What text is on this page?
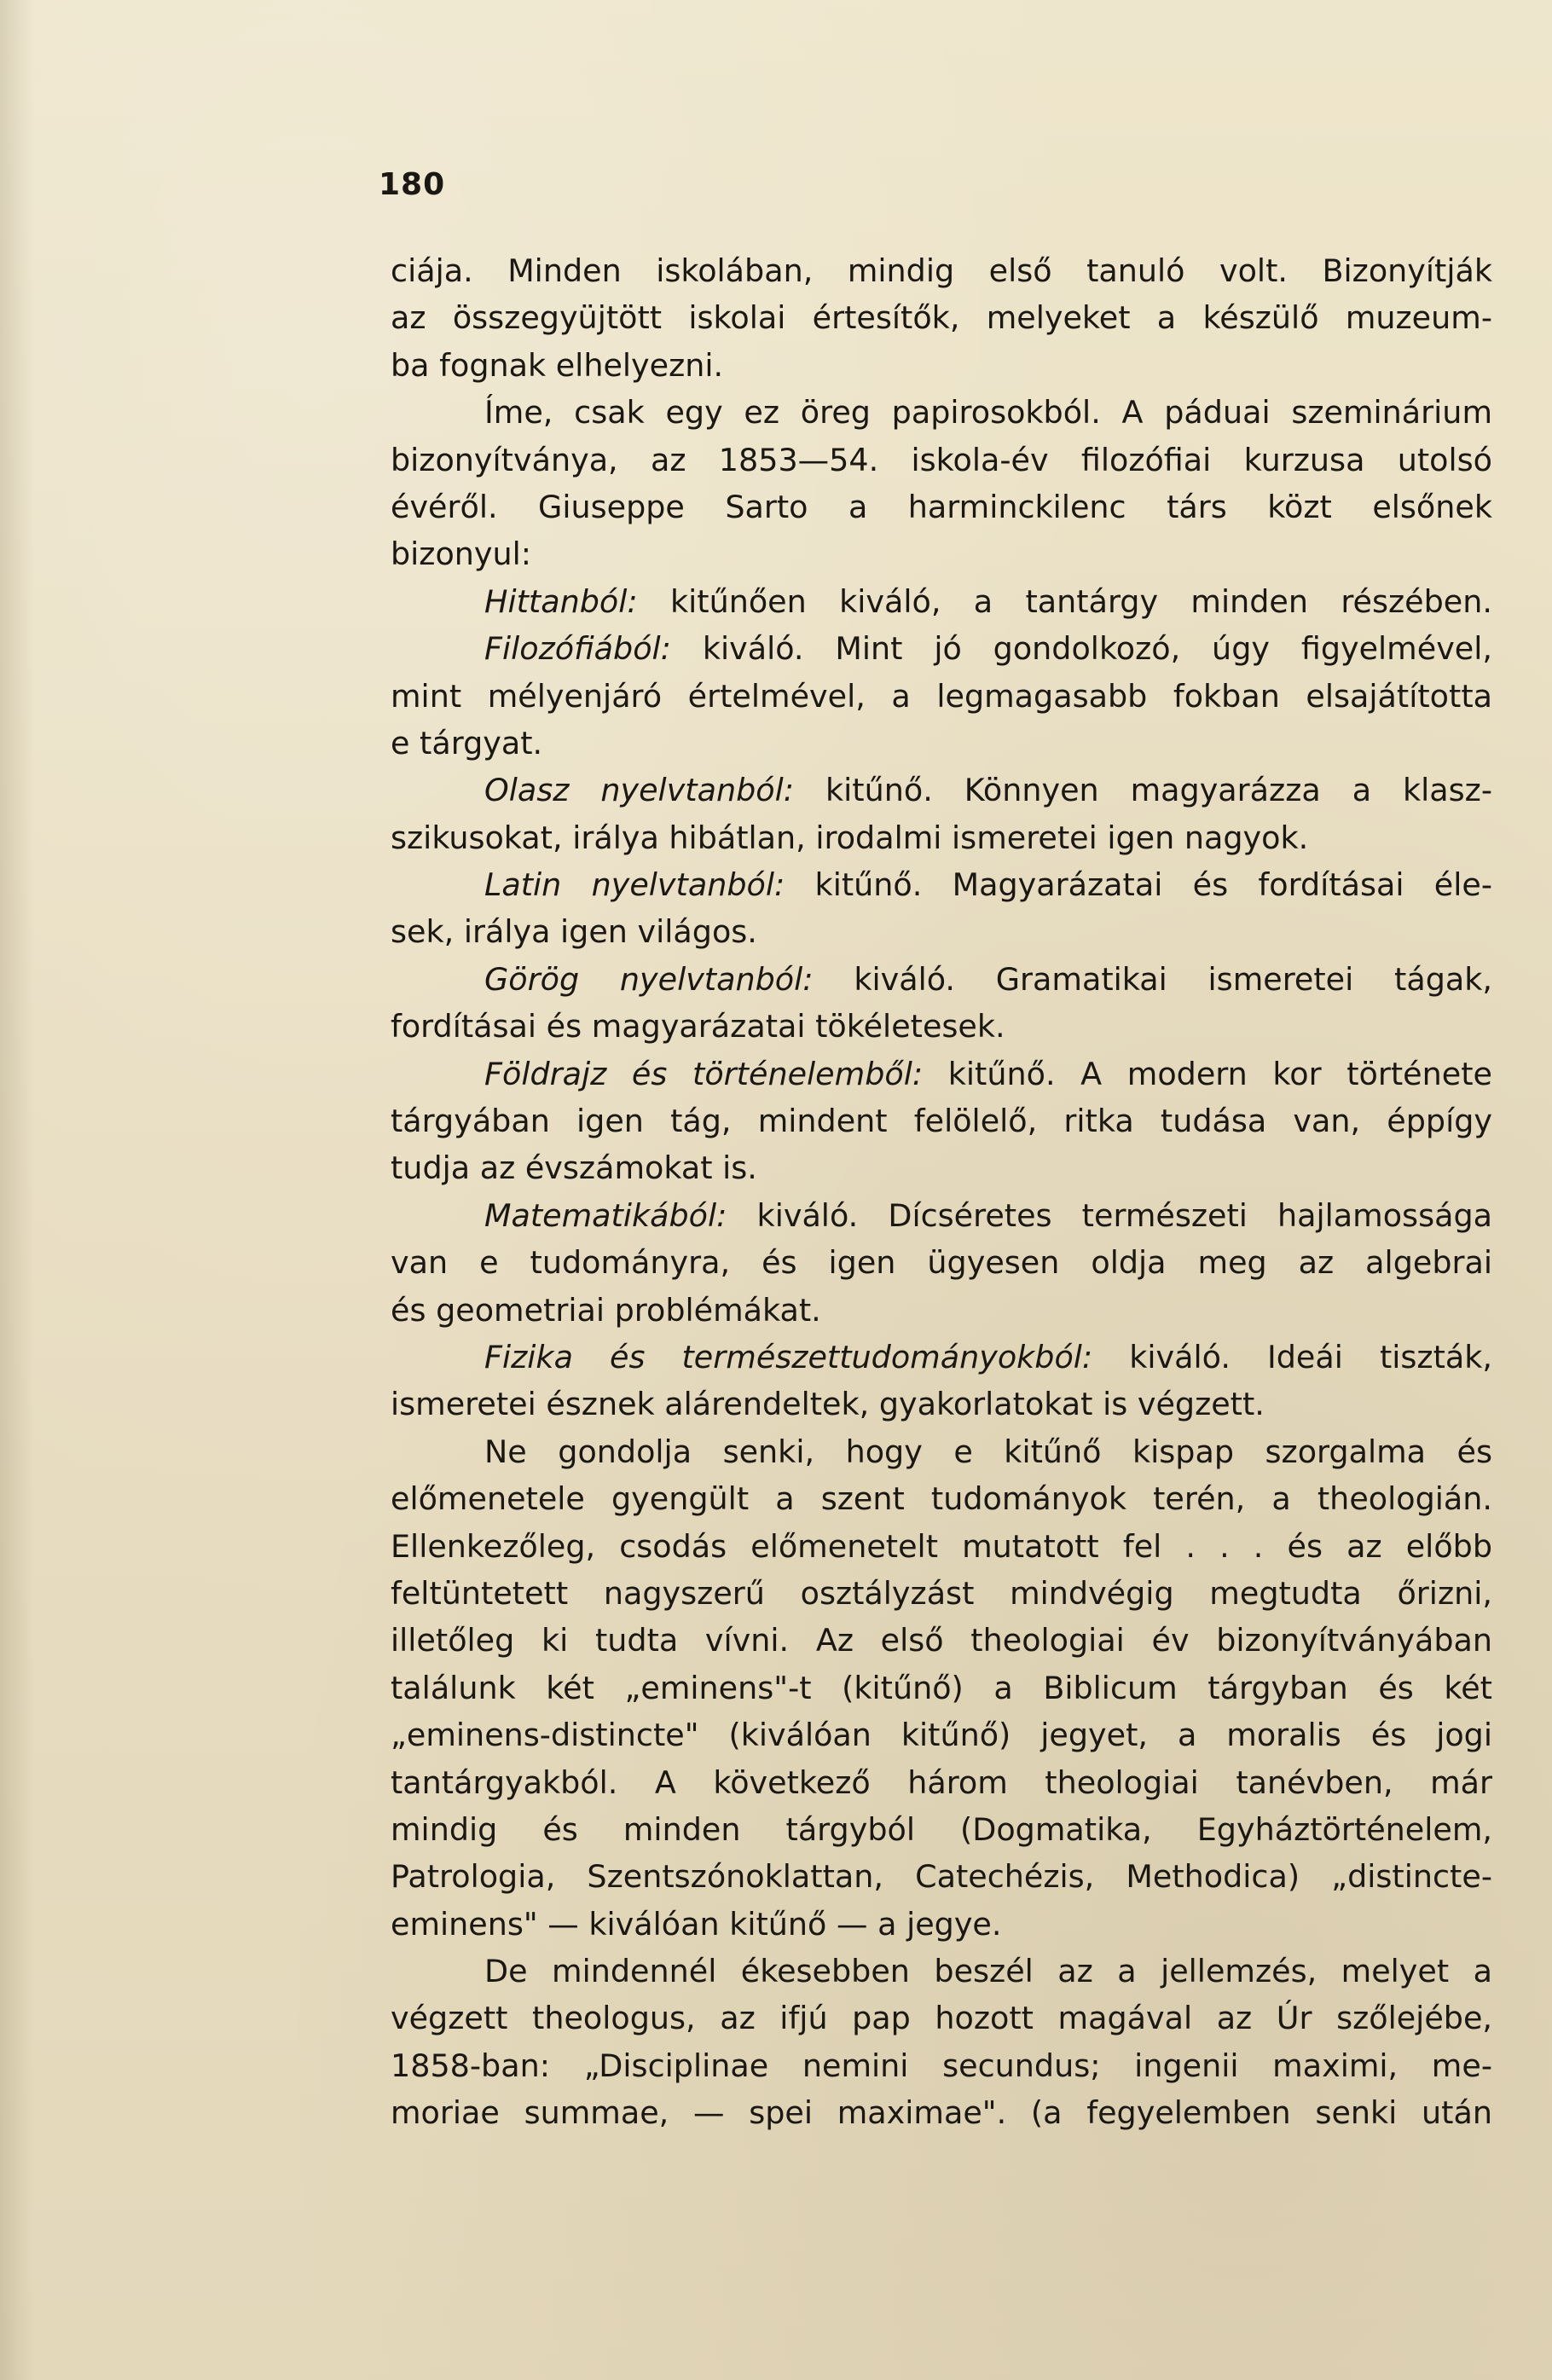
180
ciája. Minden iskolában, mindig első tanuló volt. Bizonyítják
az összegyüjtött iskolai értesítők, melyeket a készülő muzeum-
ba fognak elhelyezni.
Íme, csak egy ez öreg papirosokból. A páduai szeminárium
bizonyítványa, az 1853—54. iskola-év filozófiai kurzusa utolsó
évéről. Giuseppe Sarto a harminckilenc társ közt elsőnek
bizonyul:
Hittanból: kitűnően kiváló, a tantárgy minden részében.
Filozófiából: kiváló. Mint jó gondolkozó, úgy figyelmével,
mint mélyenjáró értelmével, a legmagasabb fokban elsajátította
e tárgyat.
Olasz nyelvtanból: kitűnő. Könnyen magyarázza a klasz-
szikusokat, irálya hibátlan, irodalmi ismeretei igen nagyok.
Latin nyelvtanból: kitűnő. Magyarázatai és fordításai éle-
sek, irálya igen világos.
Görög nyelvtanból: kiváló. Gramatikai ismeretei tágak,
fordításai és magyarázatai tökéletesek.
Földrajz és történelemből: kitűnő. A modern kor története
tárgyában igen tág, mindent felölelő, ritka tudása van, éppígy
tudja az évszámokat is.
Matematikából: kiváló. Dícséretes természeti hajlamossága
van e tudományra, és igen ügyesen oldja meg az algebrai
és geometriai problémákat.
Fizika és természettudományokból: kiváló. Ideái tiszták,
ismeretei észnek alárendeltek, gyakorlatokat is végzett.
Ne gondolja senki, hogy e kitűnő kispap szorgalma és
előmenetele gyengült a szent tudományok terén, a theologián.
Ellenkezőleg, csodás előmenetelt mutatott fel . . . és az előbb
feltüntetett nagyszerű osztályzást mindvégig megtudta őrizni,
illetőleg ki tudta vívni. Az első theologiai év bizonyítványában
találunk két „eminens"-t (kitűnő) a Biblicum tárgyban és két
„eminens-distincte" (kiválóan kitűnő) jegyet, a moralis és jogi
tantárgyakból. A következő három theologiai tanévben, már
mindig és minden tárgyból (Dogmatika, Egyháztörténelem,
Patrologia, Szentszónoklattan, Catechézis, Methodica) „distincte-
eminens" — kiválóan kitűnő — a jegye.
De mindennél ékesebben beszél az a jellemzés, melyet a
végzett theologus, az ifjú pap hozott magával az Úr szőlejébe,
1858-ban: „Disciplinae nemini secundus; ingenii maximi, me-
moriae summae, — spei maximae". (a fegyelemben senki után
